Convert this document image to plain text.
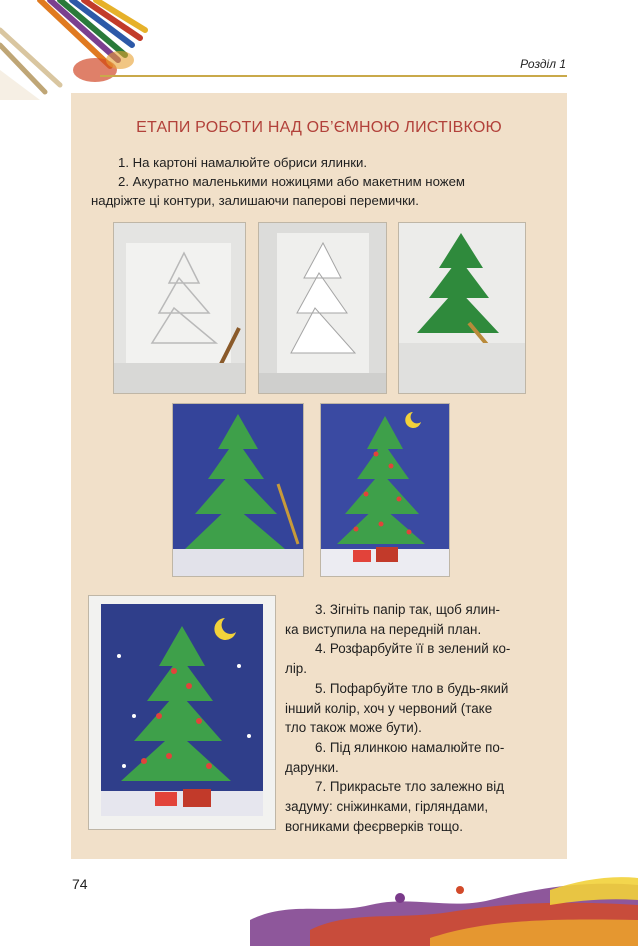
Розділ 1
ЕТАПИ РОБОТИ НАД ОБ’ЄМНОЮ ЛИСТІВКОЮ
1. На картоні намалюйте обриси ялинки.
2. Акуратно маленькими ножицями або макетним ножем
надріжте ці контури, залишаючи паперові перемички.
3. Зігніть папір так, щоб ялин-
ка виступила на передній план.
4. Розфарбуйте її в зелений ко-
лір.
5. Пофарбуйте тло в будь-який
інший колір, хоч у червоний (таке
тло також може бути).
6. Під ялинкою намалюйте по-
дарунки.
7. Прикрасьте тло залежно від
задуму: сніжинками, гірляндами,
вогниками феєрверків тощо.
74
